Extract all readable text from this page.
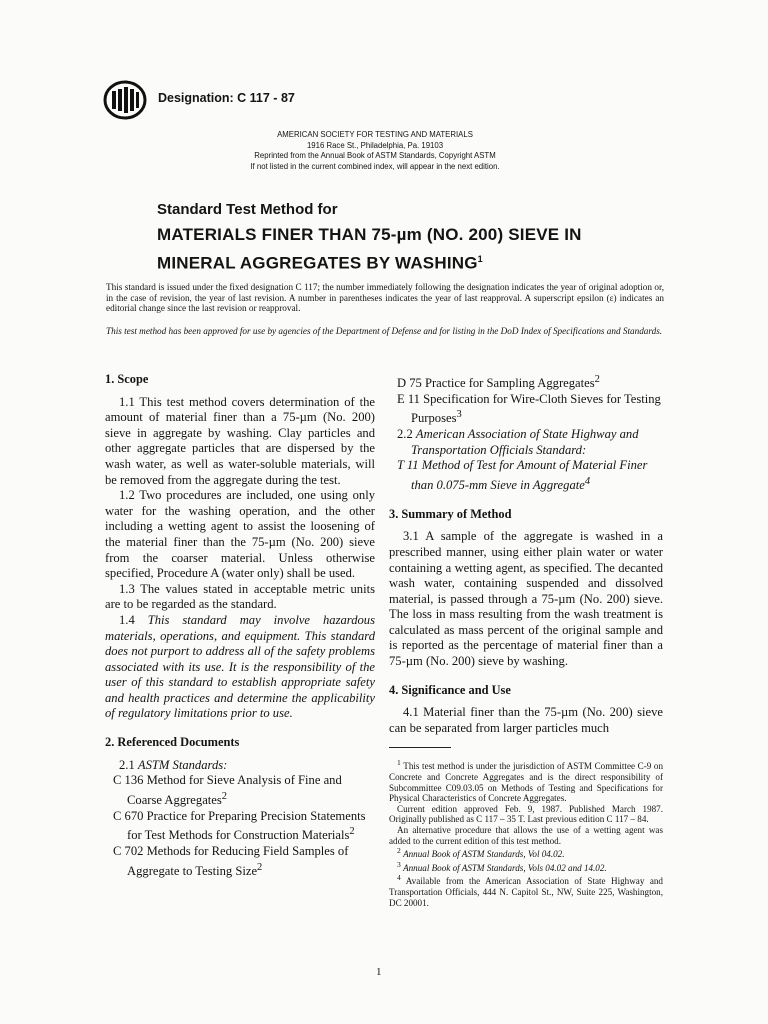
Designation: C 117 - 87
AMERICAN SOCIETY FOR TESTING AND MATERIALS
1916 Race St., Philadelphia, Pa. 19103
Reprinted from the Annual Book of ASTM Standards, Copyright ASTM
If not listed in the current combined index, will appear in the next edition.
Standard Test Method for
MATERIALS FINER THAN 75-µm (NO. 200) SIEVE IN
MINERAL AGGREGATES BY WASHING$^1$
This standard is issued under the fixed designation C 117; the number immediately following the designation indicates the year of original adoption or, in the case of revision, the year of last revision. A number in parentheses indicates the year of last reapproval. A superscript epsilon (ε) indicates an editorial change since the last revision or reapproval.
This test method has been approved for use by agencies of the Department of Defense and for listing in the DoD Index of Specifications and Standards.
1. Scope

1.1 This test method covers determination of the amount of material finer than a 75-µm (No. 200) sieve in aggregate by washing. Clay particles and other aggregate particles that are dispersed by the wash water, as well as water-soluble materials, will be removed from the aggregate during the test.

1.2 Two procedures are included, one using only water for the washing operation, and the other including a wetting agent to assist the loosening of the material finer than the 75-µm (No. 200) sieve from the coarser material. Unless otherwise specified, Procedure A (water only) shall be used.

1.3 The values stated in acceptable metric units are to be regarded as the standard.

1.4 This standard may involve hazardous materials, operations, and equipment. This standard does not purport to address all of the safety problems associated with its use. It is the responsibility of the user of this standard to establish appropriate safety and health practices and determine the applicability of regulatory limitations prior to use.

2. Referenced Documents

2.1 ASTM Standards:

C 136 Method for Sieve Analysis of Fine and Coarse Aggregates$^2$

C 670 Practice for Preparing Precision Statements for Test Methods for Construction Materials$^2$

C 702 Methods for Reducing Field Samples of Aggregate to Testing Size$^2$

D 75 Practice for Sampling Aggregates$^2$

E 11 Specification for Wire-Cloth Sieves for Testing Purposes$^3$

2.2 American Association of State Highway and Transportation Officials Standard:

T 11 Method of Test for Amount of Material Finer than 0.075-mm Sieve in Aggregate$^4$

3. Summary of Method

3.1 A sample of the aggregate is washed in a prescribed manner, using either plain water or water containing a wetting agent, as specified. The decanted wash water, containing suspended and dissolved material, is passed through a 75-µm (No. 200) sieve. The loss in mass resulting from the wash treatment is calculated as mass percent of the original sample and is reported as the percentage of material finer than a 75-µm (No. 200) sieve by washing.

4. Significance and Use

4.1 Material finer than the 75-µm (No. 200) sieve can be separated from larger particles much

$^1$ This test method is under the jurisdiction of ASTM Committee C-9 on Concrete and Concrete Aggregates and is the direct responsibility of Subcommittee C09.03.05 on Methods of Testing and Specifications for Physical Characteristics of Concrete Aggregates.

Current edition approved Feb. 9, 1987. Published March 1987. Originally published as C 117 – 35 T. Last previous edition C 117 – 84.

An alternative procedure that allows the use of a wetting agent was added to the current edition of this test method.

$^2$ Annual Book of ASTM Standards, Vol 04.02.

$^3$ Annual Book of ASTM Standards, Vols 04.02 and 14.02.

$^4$ Available from the American Association of State Highway and Transportation Officials, 444 N. Capitol St., NW, Suite 225, Washington, DC 20001.

1
